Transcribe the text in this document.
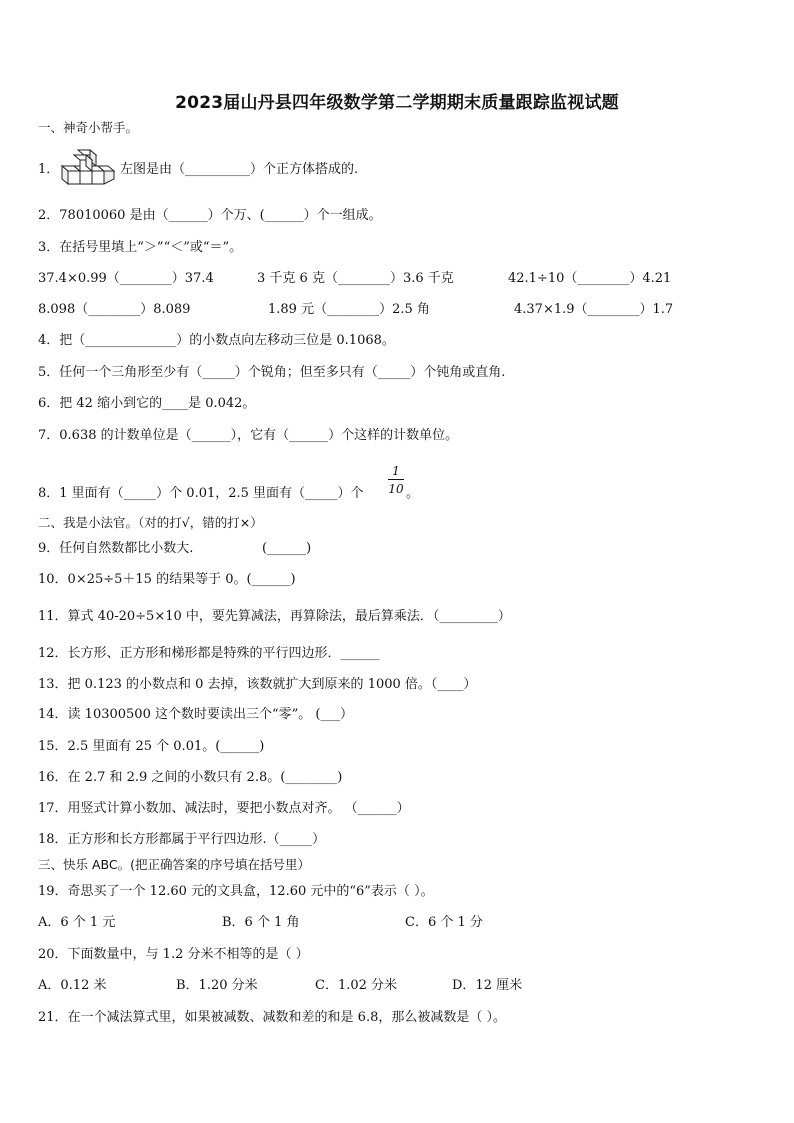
2023届山丹县四年级数学第二学期期末质量跟踪监视试题
一、神奇小帮手。
1．	左图是由（__________）个正方体搭成的.
2．78010060 是由（______）个万、(______）个一组成。
3．在括号里填上“＞”“＜”或“＝”。
37.4×0.99（________）37.4	3 千克 6 克（________）3.6 千克	42.1÷10（________）4.21
8.098（________）8.089	1.89 元（________）2.5 角	4.37×1.9（________）1.7
4．把（______________）的小数点向左移动三位是 0.1068。
5．任何一个三角形至少有（_____）个锐角；但至多只有（_____）个钝角或直角.
6．把 42 缩小到它的____是 0.042。
7．0.638 的计数单位是（______），它有（______）个这样的计数单位。
8．1 里面有（_____）个 0.01，2.5 里面有（_____）个
1
10 。
二、我是小法官。（对的打√，错的打×）
9．任何自然数都比小数大.	(______)
10．0×25÷5＋15 的结果等于 0。(______)
11．算式 40-20÷5×10 中，要先算减法，再算除法，最后算乘法．（_________）
12．长方形、正方形和梯形都是特殊的平行四边形．______
13．把 0.123 的小数点和 0 去掉，该数就扩大到原来的 1000 倍。（____）
14．读 10300500 这个数时要读出三个“零”。 (___）
15．2.5 里面有 25 个 0.01。(______)
16．在 2.7 和 2.9 之间的小数只有 2.8。(________)
17．用竖式计算小数加、减法时，要把小数点对齐。 （______）
18．正方形和长方形都属于平行四边形.（_____）
三、快乐 ABC。(把正确答案的序号填在括号里）
19．奇思买了一个 12.60 元的文具盒，12.60 元中的“6”表示（ ）。
A．6 个 1 元	B．6 个 1 角	C．6 个 1 分
20．下面数量中，与 1.2 分米不相等的是（ ）
A．0.12 米	B．1.20 分米	C．1.02 分米	D．12 厘米
21．在一个减法算式里，如果被减数、减数和差的和是 6.8，那么被减数是（ ）。
